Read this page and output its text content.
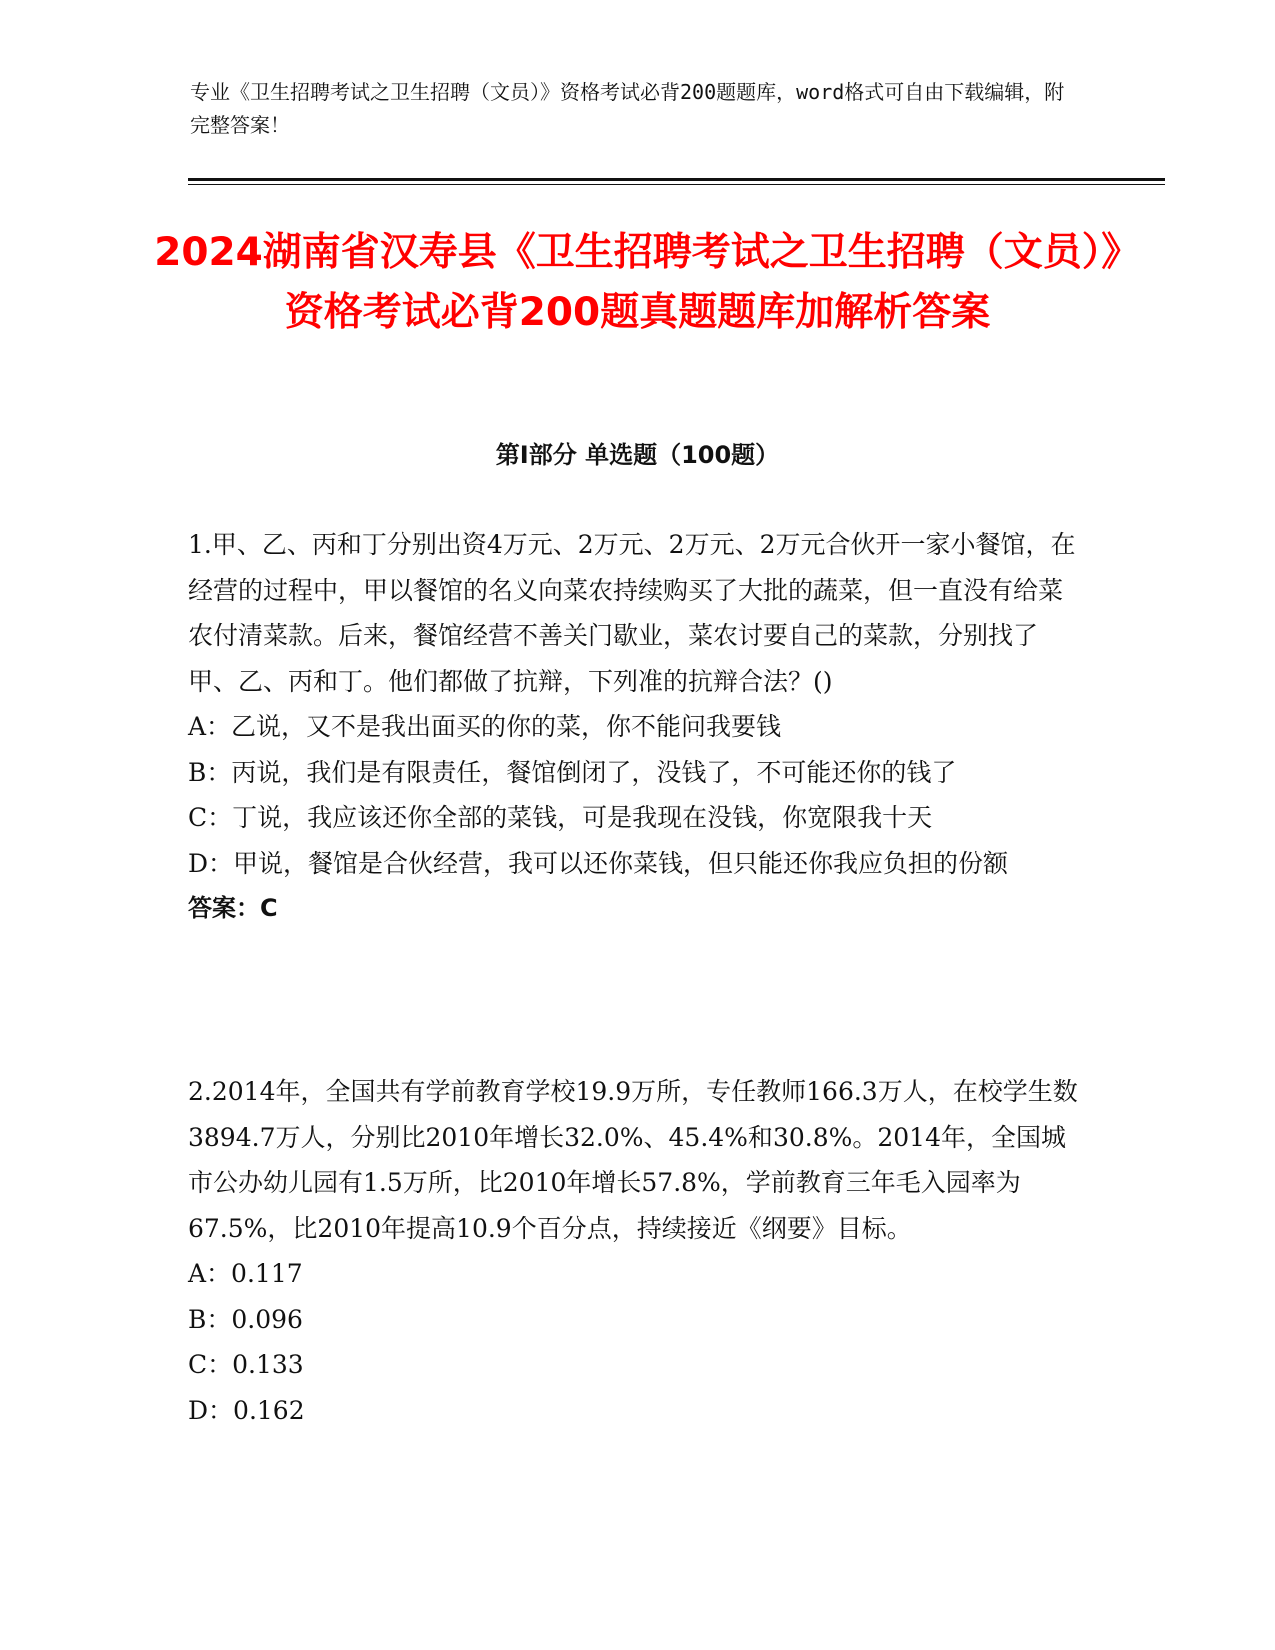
专业《卫生招聘考试之卫生招聘（文员）》资格考试必背200题题库，word格式可自由下载编辑，附完整答案！
2024湖南省汉寿县《卫生招聘考试之卫生招聘（文员）》资格考试必背200题真题题库加解析答案
第I部分 单选题（100题）

1.甲、乙、丙和丁分别出资4万元、2万元、2万元、2万元合伙开一家小餐馆，在经营的过程中，甲以餐馆的名义向菜农持续购买了大批的蔬菜，但一直没有给菜农付清菜款。后来，餐馆经营不善关门歇业，菜农讨要自己的菜款，分别找了甲、乙、丙和丁。他们都做了抗辩，下列准的抗辩合法？()

A：乙说，又不是我出面买的你的菜，你不能问我要钱

B：丙说，我们是有限责任，餐馆倒闭了，没钱了，不可能还你的钱了

C：丁说，我应该还你全部的菜钱，可是我现在没钱，你宽限我十天

D：甲说，餐馆是合伙经营，我可以还你菜钱，但只能还你我应负担的份额

答案：C

2.2014年，全国共有学前教育学校19.9万所，专任教师166.3万人，在校学生数3894.7万人，分别比2010年增长32.0%、45.4%和30.8%。2014年，全国城市公办幼儿园有1.5万所，比2010年增长57.8%，学前教育三年毛入园率为67.5%，比2010年提高10.9个百分点，持续接近《纲要》目标。

A：0.117

B：0.096

C：0.133

D：0.162
